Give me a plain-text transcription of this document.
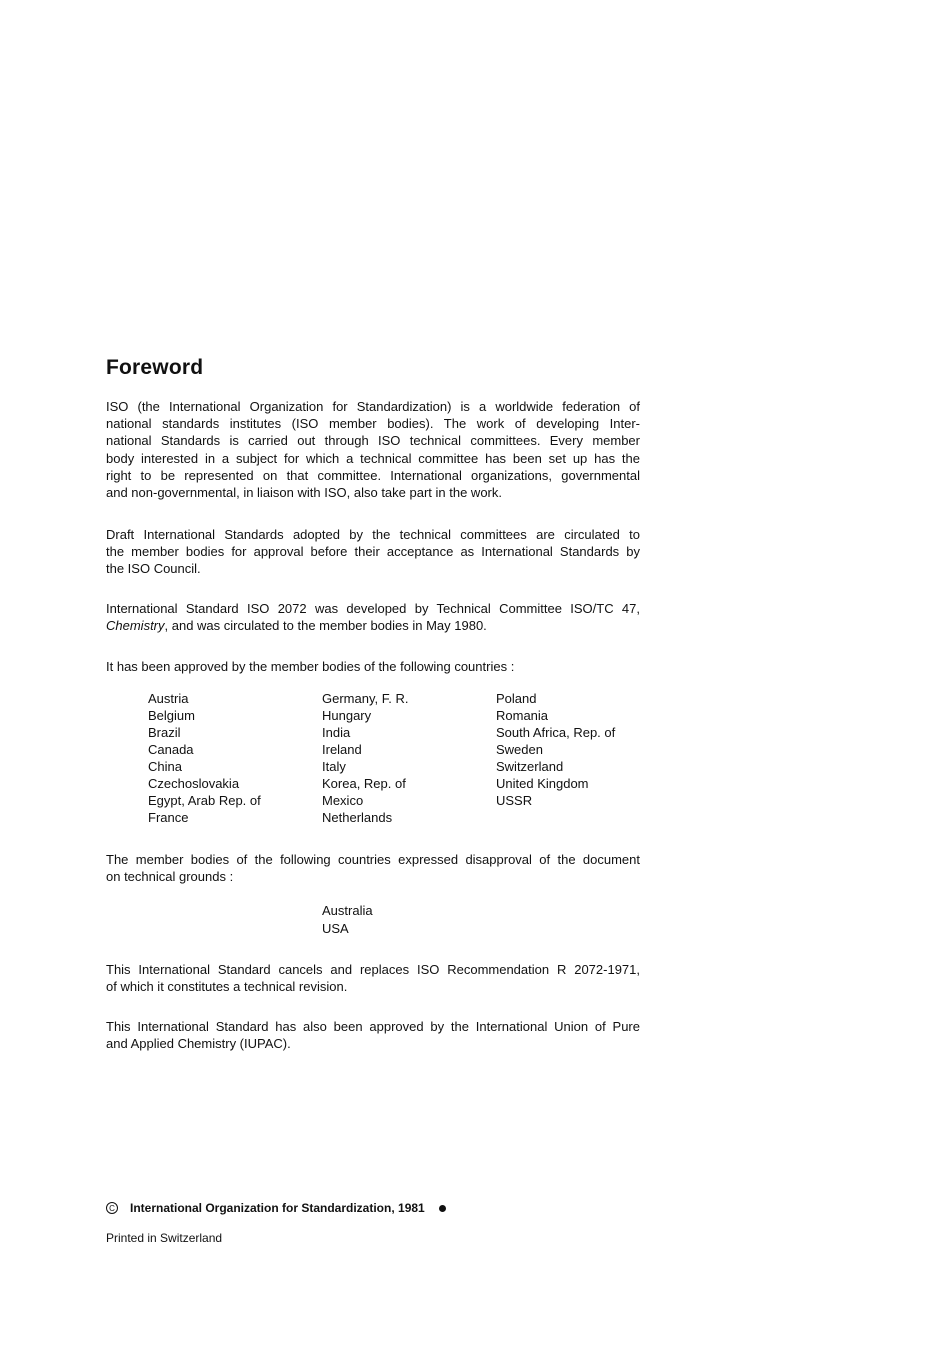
Foreword

ISO (the International Organization for Standardization) is a worldwide federation of
national standards institutes (ISO member bodies). The work of developing Inter-
national Standards is carried out through ISO technical committees. Every member
body interested in a subject for which a technical committee has been set up has the
right to be represented on that committee. International organizations, governmental
and non-governmental, in liaison with ISO, also take part in the work.

Draft International Standards adopted by the technical committees are circulated to
the member bodies for approval before their acceptance as International Standards by
the ISO Council.

International Standard ISO 2072 was developed by Technical Committee ISO/TC 47,
Chemistry, and was circulated to the member bodies in May 1980.

It has been approved by the member bodies of the following countries :

Austria
Belgium
Brazil
Canada
China
Czechoslovakia
Egypt, Arab Rep. of
France
Germany, F. R.
Hungary
India
Ireland
Italy
Korea, Rep. of
Mexico
Netherlands
Poland
Romania
South Africa, Rep. of
Sweden
Switzerland
United Kingdom
USSR

The member bodies of the following countries expressed disapproval of the document
on technical grounds :

Australia
USA

This International Standard cancels and replaces ISO Recommendation R 2072-1971,
of which it constitutes a technical revision.

This International Standard has also been approved by the International Union of Pure
and Applied Chemistry (IUPAC).

C International Organization for Standardization, 1981
Printed in Switzerland
